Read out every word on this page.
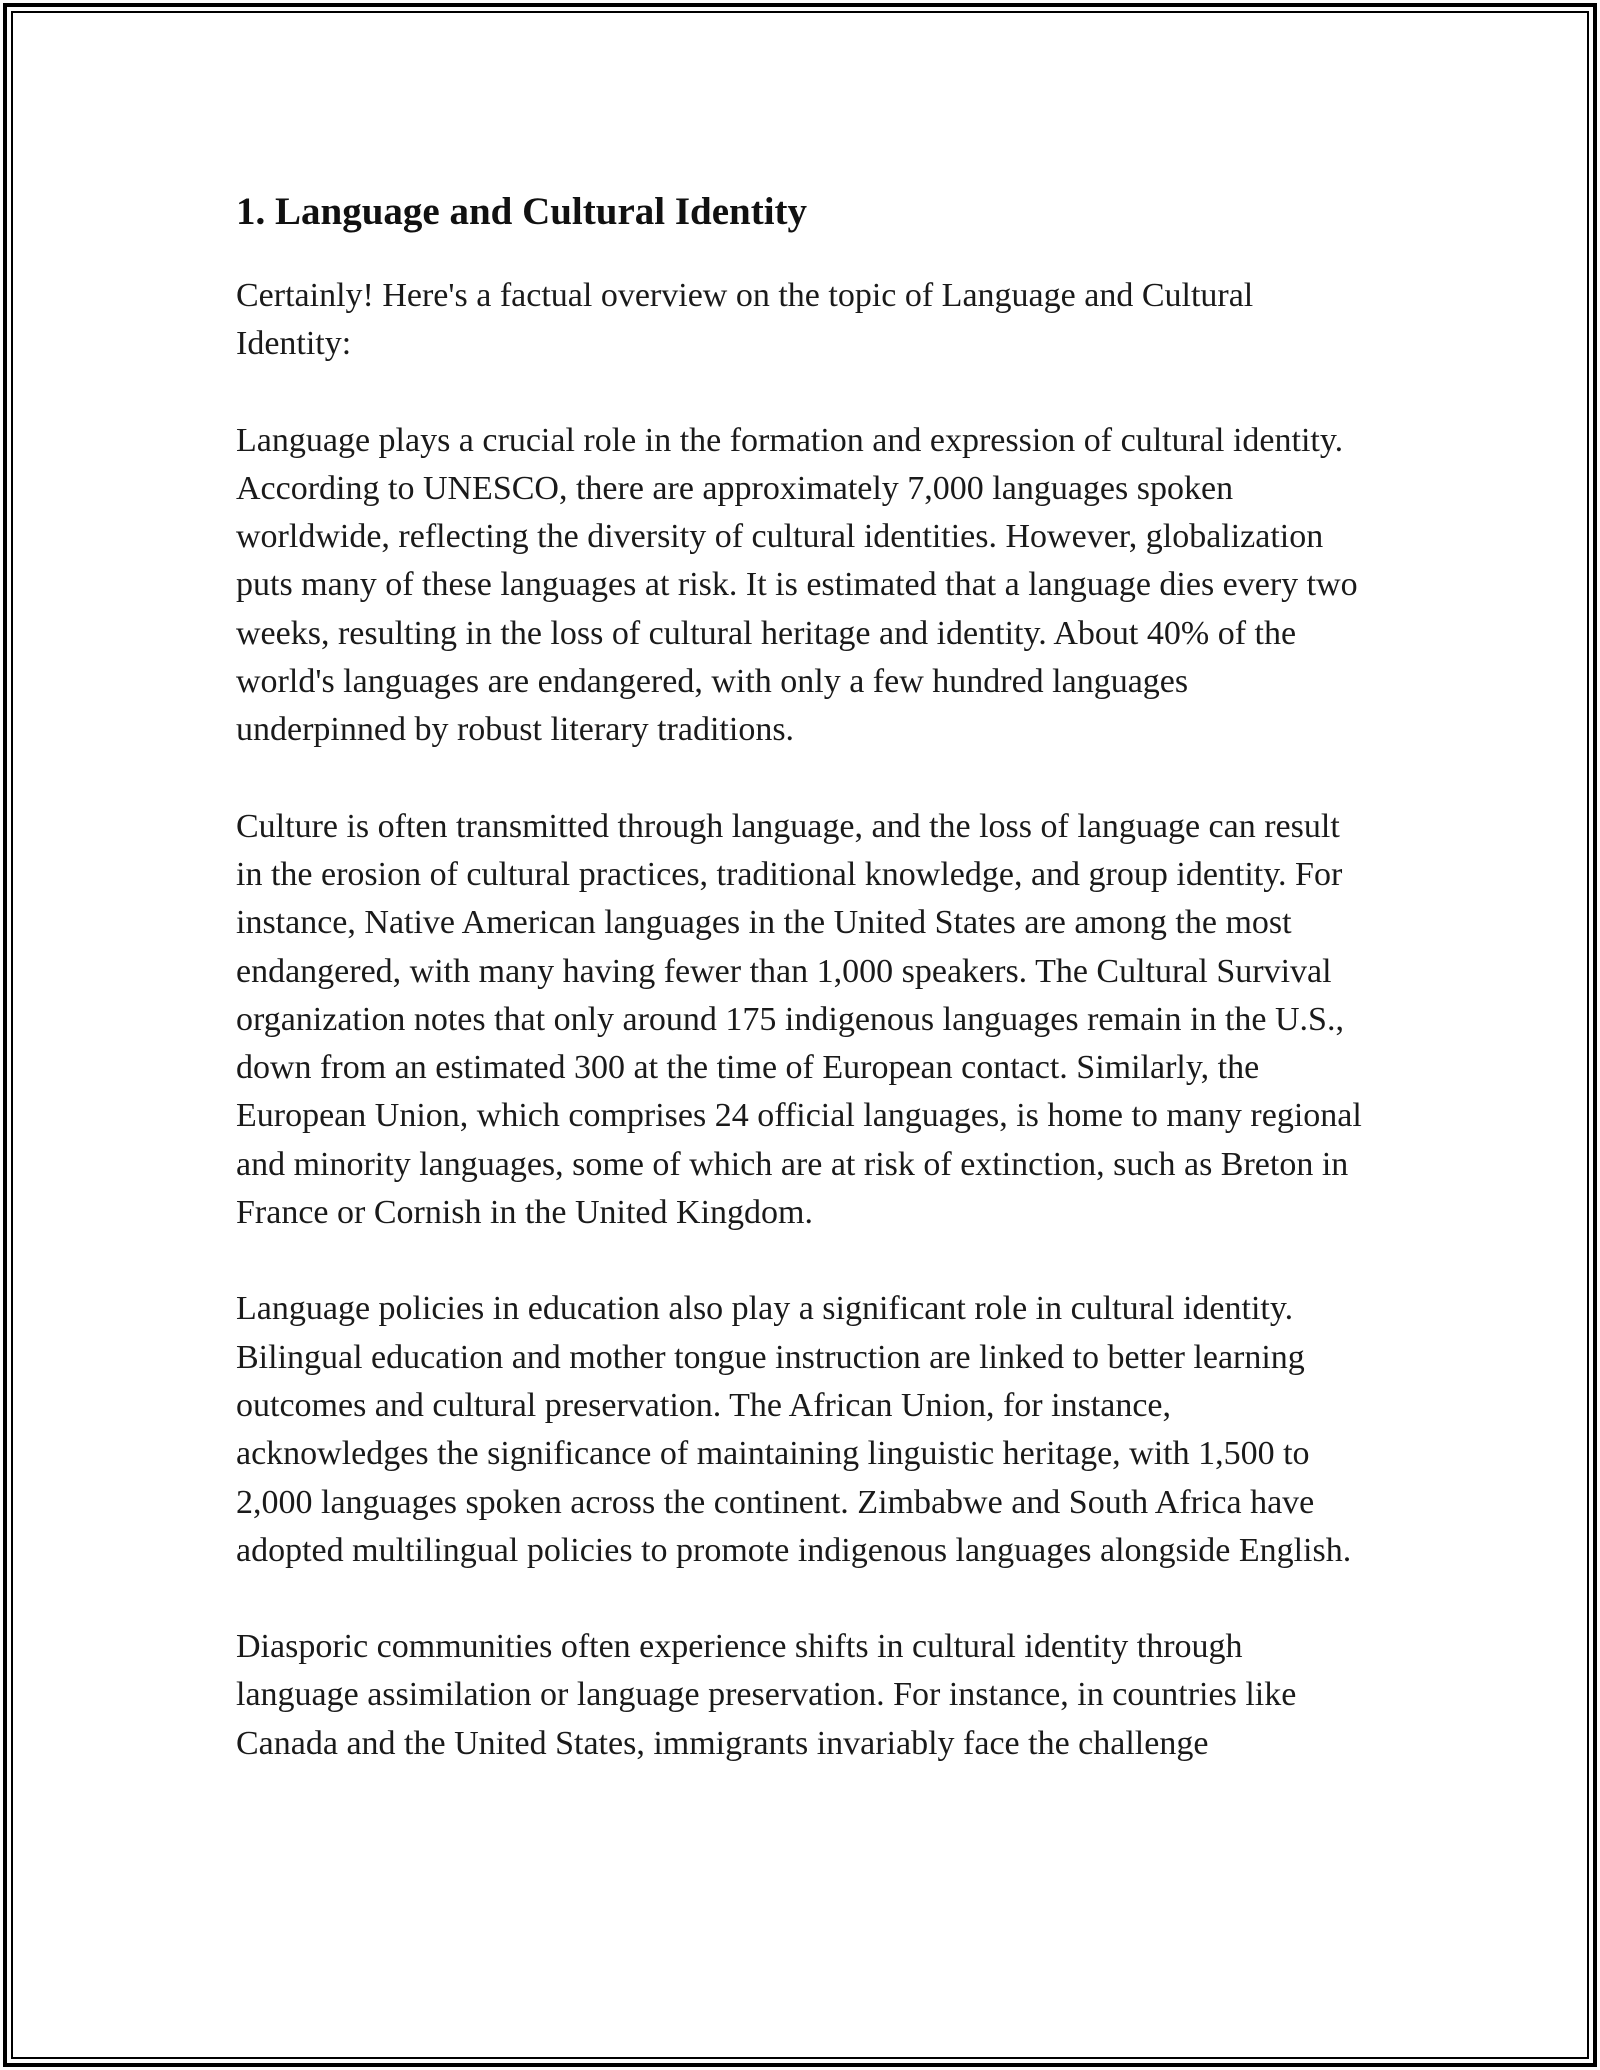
1. Language and Cultural Identity

Certainly! Here's a factual overview on the topic of Language and Cultural Identity:

Language plays a crucial role in the formation and expression of cultural identity. According to UNESCO, there are approximately 7,000 languages spoken worldwide, reflecting the diversity of cultural identities. However, globalization puts many of these languages at risk. It is estimated that a language dies every two weeks, resulting in the loss of cultural heritage and identity. About 40% of the world's languages are endangered, with only a few hundred languages underpinned by robust literary traditions.

Culture is often transmitted through language, and the loss of language can result in the erosion of cultural practices, traditional knowledge, and group identity. For instance, Native American languages in the United States are among the most endangered, with many having fewer than 1,000 speakers. The Cultural Survival organization notes that only around 175 indigenous languages remain in the U.S., down from an estimated 300 at the time of European contact. Similarly, the European Union, which comprises 24 official languages, is home to many regional and minority languages, some of which are at risk of extinction, such as Breton in France or Cornish in the United Kingdom.

Language policies in education also play a significant role in cultural identity. Bilingual education and mother tongue instruction are linked to better learning outcomes and cultural preservation. The African Union, for instance, acknowledges the significance of maintaining linguistic heritage, with 1,500 to 2,000 languages spoken across the continent. Zimbabwe and South Africa have adopted multilingual policies to promote indigenous languages alongside English.

Diasporic communities often experience shifts in cultural identity through language assimilation or language preservation. For instance, in countries like Canada and the United States, immigrants invariably face the challenge
